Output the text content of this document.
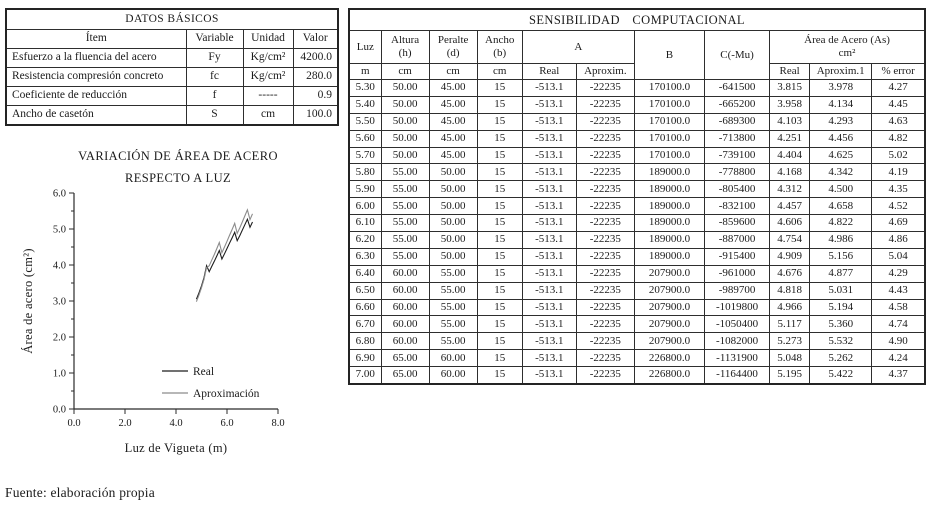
DATOS BÁSICOS			
Ítem	Variable	Unidad	Valor
Esfuerzo a la fluencia del acero	Fy	Kg/cm²	4200.0
Resistencia compresión concreto	fc	Kg/cm²	280.0
Coeficiente de reducción	f	-----	0.9
Ancho de casetón	S	cm	100.0
VARIACIÓN DE ÁREA DE ACERO
RESPECTO A LUZ
0.0
1.0
2.0
3.0
4.0
5.0
6.0
0.0	2.0	4.0	6.0	8.0
Real
Aproximación
Área de acero (cm²)
Luz de Vigueta (m)
SENSIBILIDAD COMPUTACIONAL										
Luz	Altura (h)	Peralte (d)	Ancho (b)	A		B	C(-Mu)	Área de Acero (As)
cm²		
m	cm	cm	cm	Real	Aproxim.			Real	Aproxim.1	% error
5.30	50.00	45.00	15	-513.1	-22235	170100.0	-641500	3.815	3.978	4.27
5.40	50.00	45.00	15	-513.1	-22235	170100.0	-665200	3.958	4.134	4.45
5.50	50.00	45.00	15	-513.1	-22235	170100.0	-689300	4.103	4.293	4.63
5.60	50.00	45.00	15	-513.1	-22235	170100.0	-713800	4.251	4.456	4.82
5.70	50.00	45.00	15	-513.1	-22235	170100.0	-739100	4.404	4.625	5.02
5.80	55.00	50.00	15	-513.1	-22235	189000.0	-778800	4.168	4.342	4.19
5.90	55.00	50.00	15	-513.1	-22235	189000.0	-805400	4.312	4.500	4.35
6.00	55.00	50.00	15	-513.1	-22235	189000.0	-832100	4.457	4.658	4.52
6.10	55.00	50.00	15	-513.1	-22235	189000.0	-859600	4.606	4.822	4.69
6.20	55.00	50.00	15	-513.1	-22235	189000.0	-887000	4.754	4.986	4.86
6.30	55.00	50.00	15	-513.1	-22235	189000.0	-915400	4.909	5.156	5.04
6.40	60.00	55.00	15	-513.1	-22235	207900.0	-961000	4.676	4.877	4.29
6.50	60.00	55.00	15	-513.1	-22235	207900.0	-989700	4.818	5.031	4.43
6.60	60.00	55.00	15	-513.1	-22235	207900.0	-1019800	4.966	5.194	4.58
6.70	60.00	55.00	15	-513.1	-22235	207900.0	-1050400	5.117	5.360	4.74
6.80	60.00	55.00	15	-513.1	-22235	207900.0	-1082000	5.273	5.532	4.90
6.90	65.00	60.00	15	-513.1	-22235	226800.0	-1131900	5.048	5.262	4.24
7.00	65.00	60.00	15	-513.1	-22235	226800.0	-1164400	5.195	5.422	4.37
Fuente: elaboración propia
